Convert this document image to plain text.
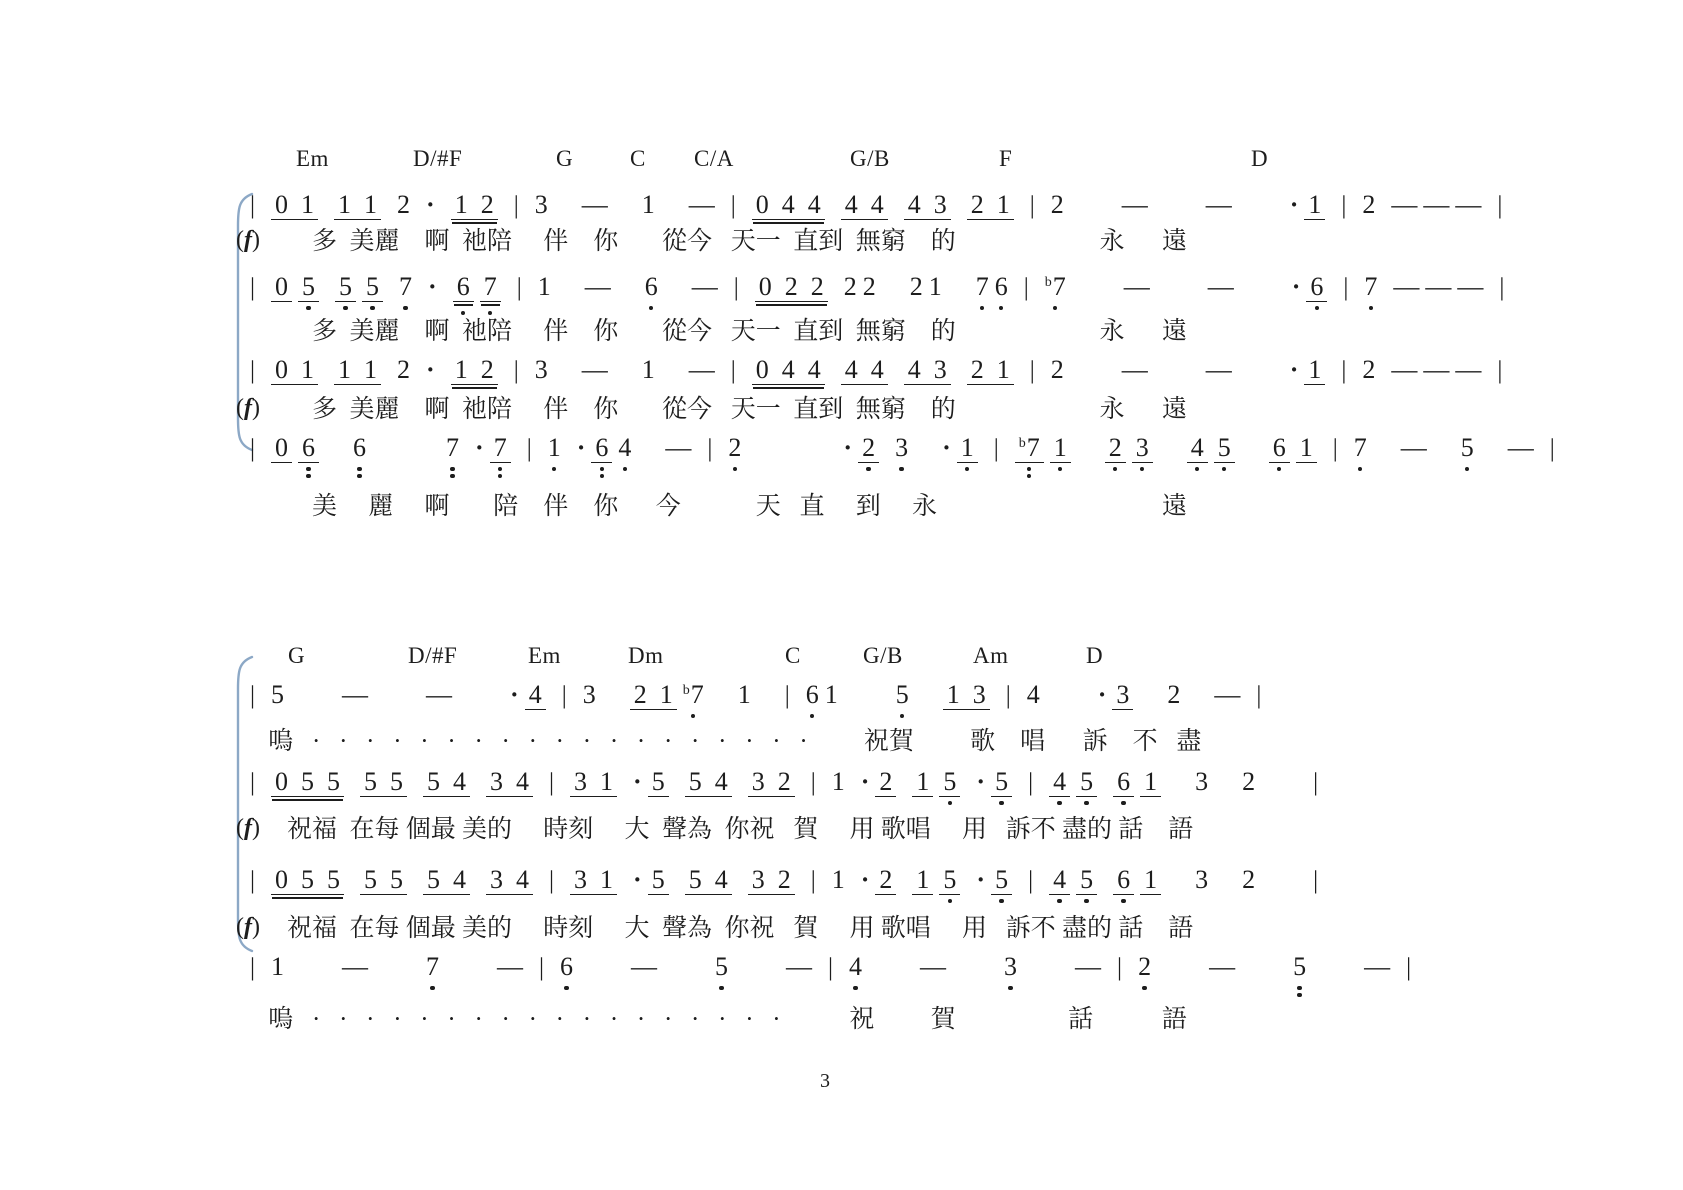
Em	D/#F	G C C/A	G/B	F	D
| 0 1 1 1 2 · 1 2 | 3 — 1 — | 0 4 4 4 4 4 3 2 1 | 2 — — · 1 | 2 — — — |
(f) 多  美麗    啊  祂陪     伴    你       從今   天一  直到  無窮    的                       永      遠
| 0 5 5 5 7 · 6 7 | 1 — 6 — | 0 2 2 2 2 2 1 7 6 | $^b$7 — — · 6 | 7 — — — |
多  美麗    啊  祂陪     伴    你       從今   天一  直到  無窮    的                       永      遠
| 0 1 1 1 2 · 1 2 | 3 — 1 — | 0 4 4 4 4 4 3 2 1 | 2 — — · 1 | 2 — — — |
(f) 多  美麗    啊  祂陪     伴    你       從今   天一  直到  無窮    的                       永      遠
| 0 6 6	7 · 7 | 1 · 6 4 — | 2	· 2 3 · 1 | $^b$7 1 2 3 4 5 6 1 | 7 — 5 — |
美     麗     啊       陪    伴    你      今            天   直     到     永                                    遠
G	D/#F	Em	Dm	C	G/B	Am	D
| 5 — — · 4 | 3 2 1 $^b$7 1 | 6 1 5 1 3 | 4 · 3 2 — |
嗚   ·   ·   ·   ·   ·   ·   ·   ·   ·   ·   ·   ·   ·   ·   ·   ·   ·   ·   ·         祝賀         歌    唱      訴    不   盡
| 0 5 5 5 5 5 4 3 4 | 3 1 · 5 5 4 3 2 | 1 · 2 1 5 · 5 | 4 5 6 1 3 2 |
(f) 祝福  在每 個最 美的     時刻     大  聲為  你祝   賀     用 歌唱     用   訴不 盡的 話    語
| 0 5 5 5 5 5 4 3 4 | 3 1 · 5 5 4 3 2 | 1 · 2 1 5 · 5 | 4 5 6 1 3 2 |
(f) 祝福  在每 個最 美的     時刻     大  聲為  你祝   賀     用 歌唱     用   訴不 盡的 話    語
| 1 — 7 — | 6 — 5 — | 4 — 3 — | 2 — 5 — |
嗚   ·   ·   ·   ·   ·   ·   ·   ·   ·   ·   ·   ·   ·   ·   ·   ·   ·   ·           祝         賀                  話           語
3
